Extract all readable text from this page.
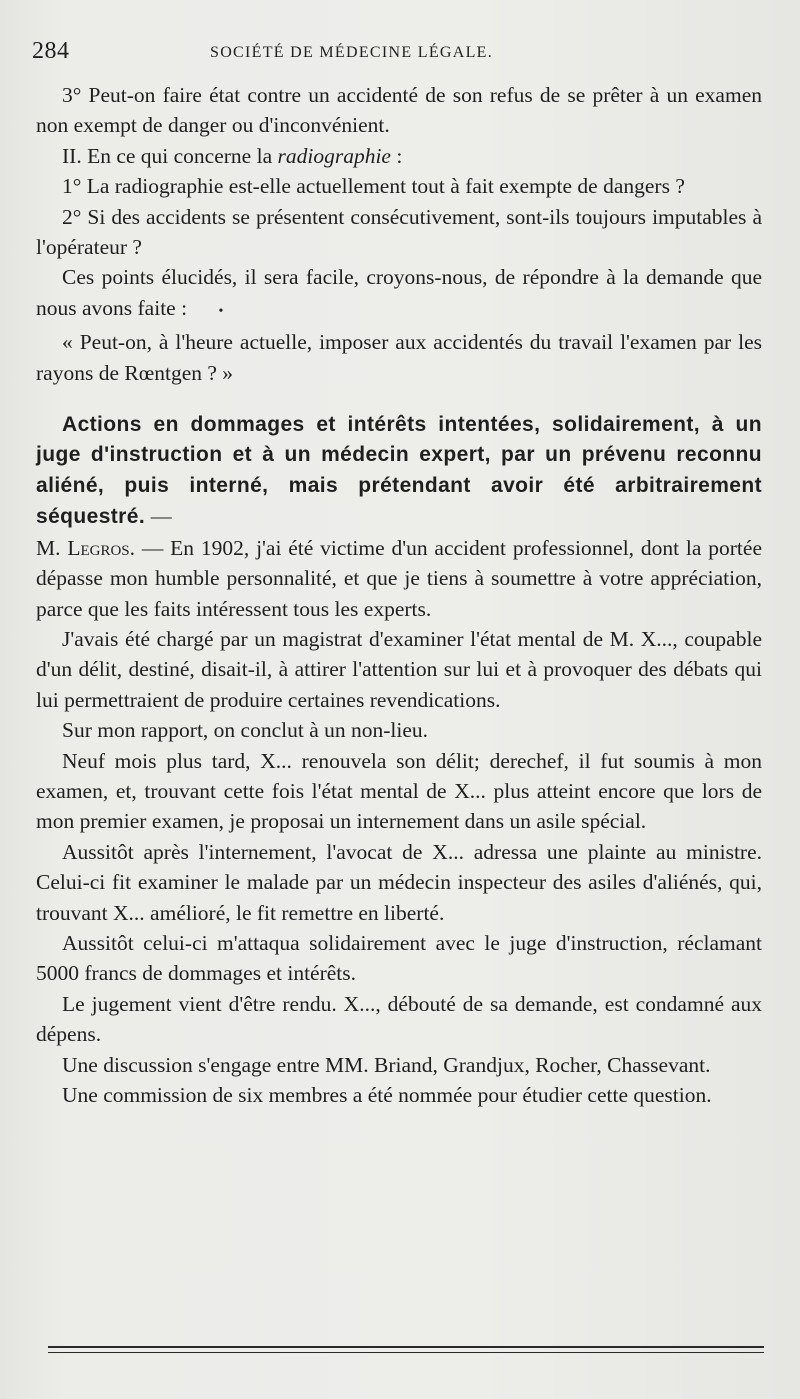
284	SOCIÉTÉ DE MÉDECINE LÉGALE.

3° Peut-on faire état contre un accidenté de son refus de se prêter à un examen non exempt de danger ou d'inconvénient.

II. En ce qui concerne la radiographie :

1° La radiographie est-elle actuellement tout à fait exempte de dangers ?

2° Si des accidents se présentent consécutivement, sont-ils toujours imputables à l'opérateur ?

Ces points élucidés, il sera facile, croyons-nous, de répondre à la demande que nous avons faite : •

« Peut-on, à l'heure actuelle, imposer aux accidentés du travail l'examen par les rayons de Rœntgen ? »

Actions en dommages et intérêts intentées, solidairement, à un juge d'instruction et à un médecin expert, par un prévenu reconnu aliéné, puis interné, mais prétendant avoir été arbitrairement séquestré. —

M. Legros. — En 1902, j'ai été victime d'un accident professionnel, dont la portée dépasse mon humble personnalité, et que je tiens à soumettre à votre appréciation, parce que les faits intéressent tous les experts.

J'avais été chargé par un magistrat d'examiner l'état mental de M. X..., coupable d'un délit, destiné, disait-il, à attirer l'attention sur lui et à provoquer des débats qui lui permettraient de produire certaines revendications.

Sur mon rapport, on conclut à un non-lieu.

Neuf mois plus tard, X... renouvela son délit; derechef, il fut soumis à mon examen, et, trouvant cette fois l'état mental de X... plus atteint encore que lors de mon premier examen, je proposai un internement dans un asile spécial.

Aussitôt après l'internement, l'avocat de X... adressa une plainte au ministre. Celui-ci fit examiner le malade par un médecin inspecteur des asiles d'aliénés, qui, trouvant X... amélioré, le fit remettre en liberté.

Aussitôt celui-ci m'attaqua solidairement avec le juge d'instruction, réclamant 5000 francs de dommages et intérêts.

Le jugement vient d'être rendu. X..., débouté de sa demande, est condamné aux dépens.

Une discussion s'engage entre MM. Briand, Grandjux, Rocher, Chassevant.

Une commission de six membres a été nommée pour étudier cette question.
